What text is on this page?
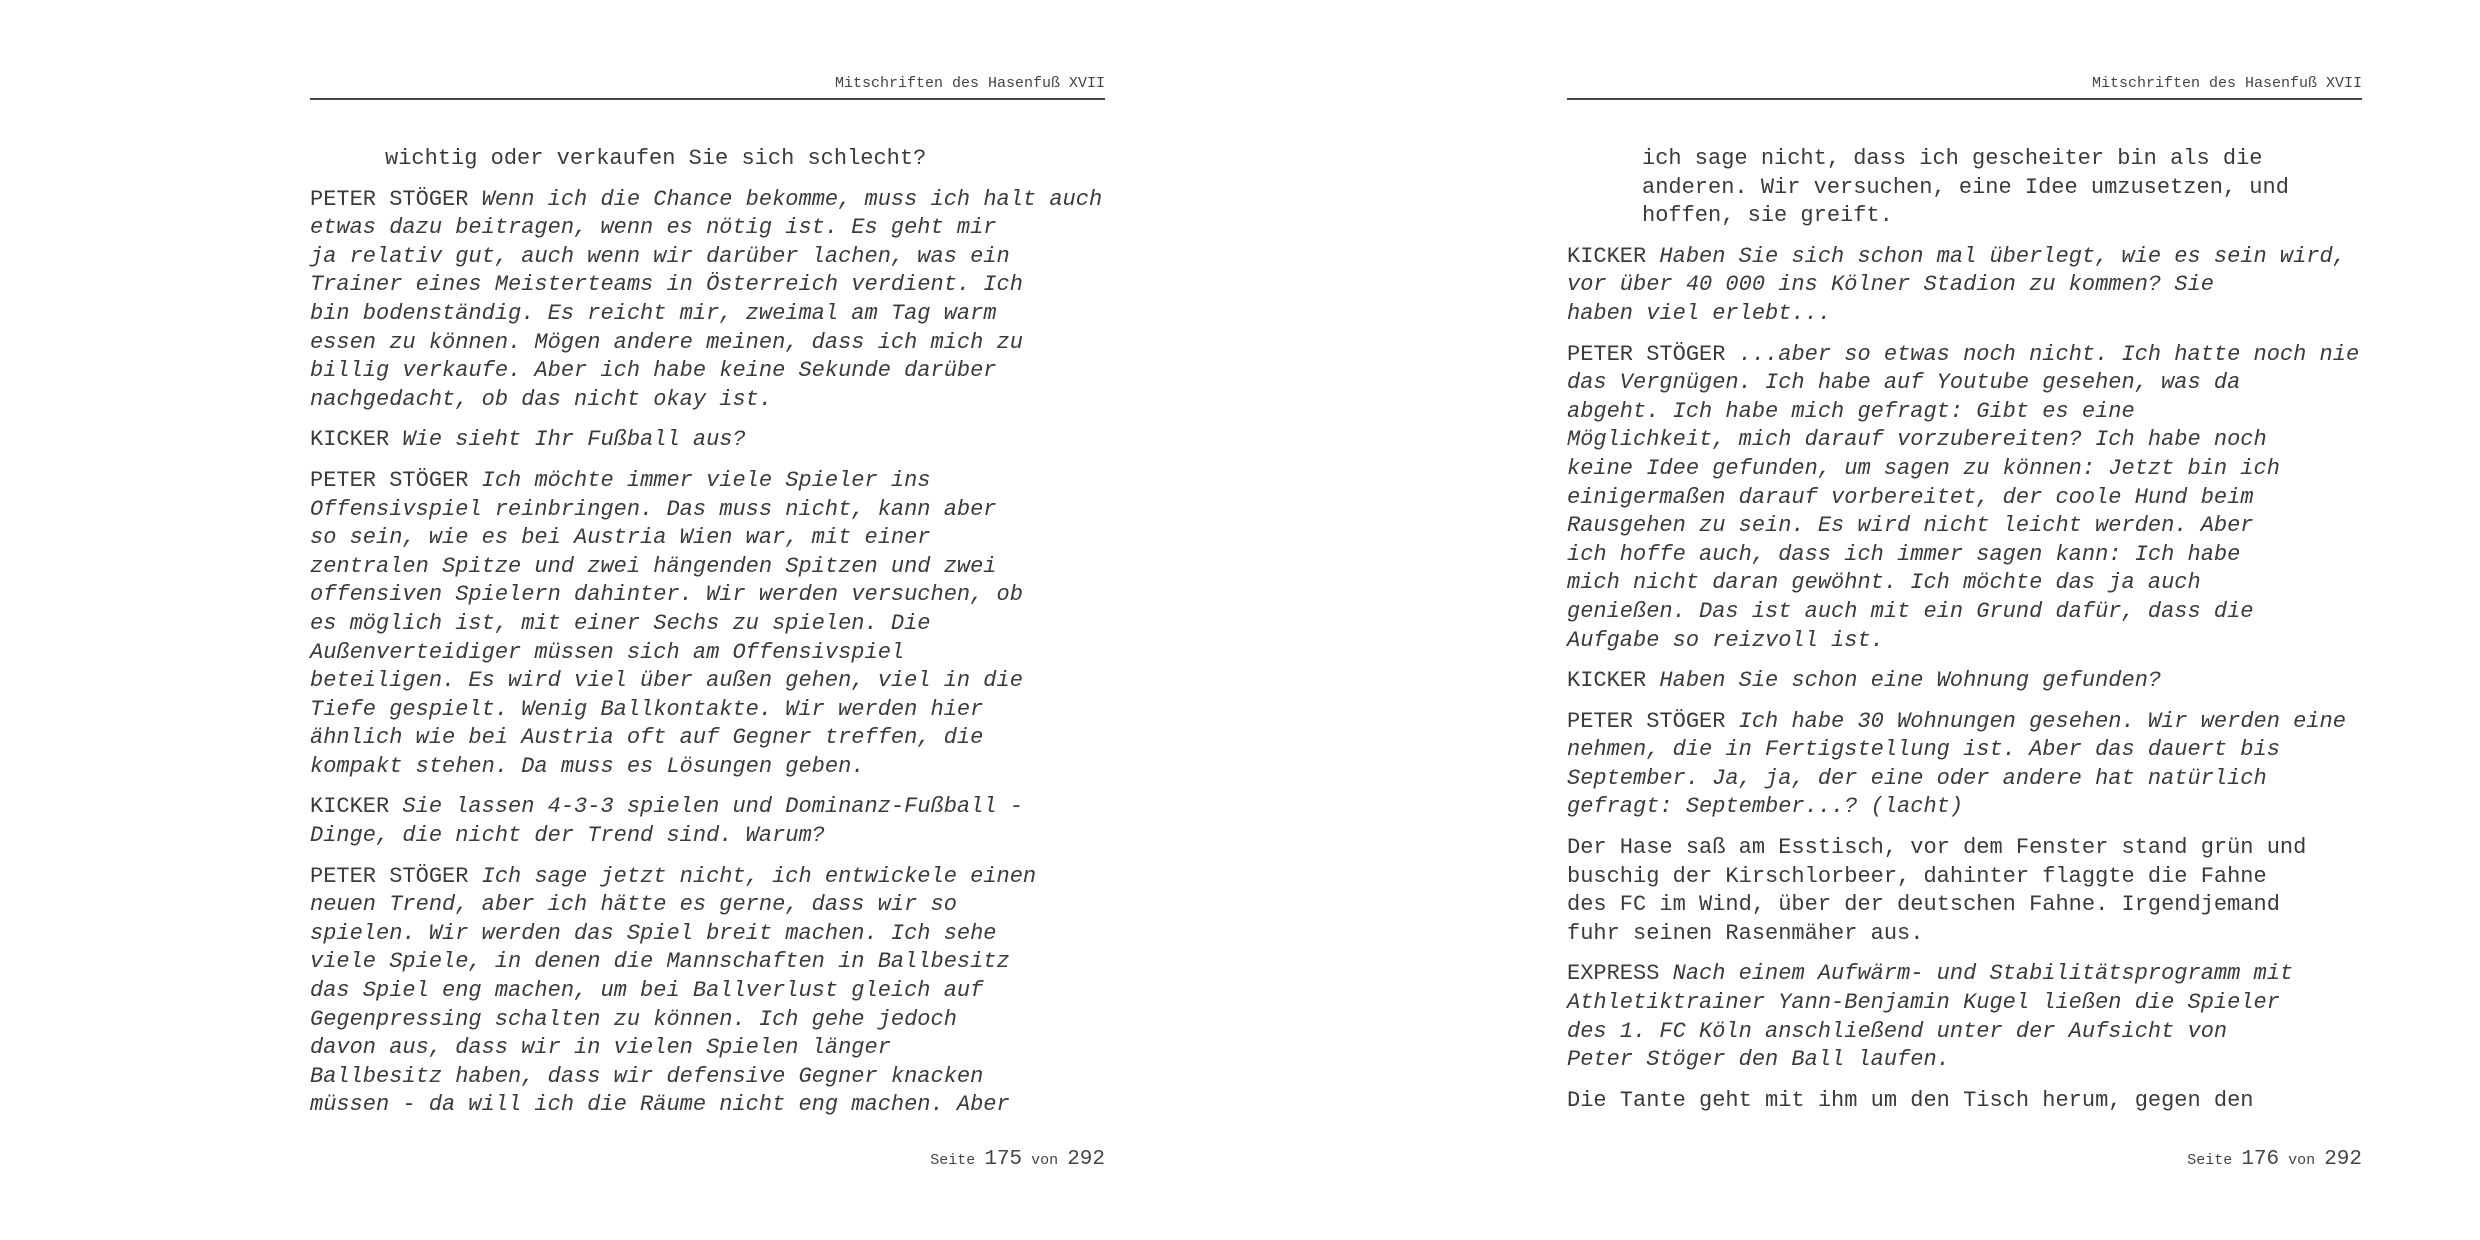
Mitschriften des Hasenfuß XVII
wichtig oder verkaufen Sie sich schlecht?
PETER STÖGER Wenn ich die Chance bekomme, muss ich halt auch
etwas dazu beitragen, wenn es nötig ist. Es geht mir
ja relativ gut, auch wenn wir darüber lachen, was ein
Trainer eines Meisterteams in Österreich verdient. Ich
bin bodenständig. Es reicht mir, zweimal am Tag warm
essen zu können. Mögen andere meinen, dass ich mich zu
billig verkaufe. Aber ich habe keine Sekunde darüber
nachgedacht, ob das nicht okay ist.
KICKER Wie sieht Ihr Fußball aus?
PETER STÖGER Ich möchte immer viele Spieler ins
Offensivspiel reinbringen. Das muss nicht, kann aber
so sein, wie es bei Austria Wien war, mit einer
zentralen Spitze und zwei hängenden Spitzen und zwei
offensiven Spielern dahinter. Wir werden versuchen, ob
es möglich ist, mit einer Sechs zu spielen. Die
Außenverteidiger müssen sich am Offensivspiel
beteiligen. Es wird viel über außen gehen, viel in die
Tiefe gespielt. Wenig Ballkontakte. Wir werden hier
ähnlich wie bei Austria oft auf Gegner treffen, die
kompakt stehen. Da muss es Lösungen geben.
KICKER Sie lassen 4-3-3 spielen und Dominanz-Fußball -
Dinge, die nicht der Trend sind. Warum?
PETER STÖGER Ich sage jetzt nicht, ich entwickele einen
neuen Trend, aber ich hätte es gerne, dass wir so
spielen. Wir werden das Spiel breit machen. Ich sehe
viele Spiele, in denen die Mannschaften in Ballbesitz
das Spiel eng machen, um bei Ballverlust gleich auf
Gegenpressing schalten zu können. Ich gehe jedoch
davon aus, dass wir in vielen Spielen länger
Ballbesitz haben, dass wir defensive Gegner knacken
müssen - da will ich die Räume nicht eng machen. Aber
Seite 175 von 292
Mitschriften des Hasenfuß XVII
ich sage nicht, dass ich gescheiter bin als die
anderen. Wir versuchen, eine Idee umzusetzen, und
hoffen, sie greift.
KICKER Haben Sie sich schon mal überlegt, wie es sein wird,
vor über 40 000 ins Kölner Stadion zu kommen? Sie
haben viel erlebt...
PETER STÖGER ...aber so etwas noch nicht. Ich hatte noch nie
das Vergnügen. Ich habe auf Youtube gesehen, was da
abgeht. Ich habe mich gefragt: Gibt es eine
Möglichkeit, mich darauf vorzubereiten? Ich habe noch
keine Idee gefunden, um sagen zu können: Jetzt bin ich
einigermaßen darauf vorbereitet, der coole Hund beim
Rausgehen zu sein. Es wird nicht leicht werden. Aber
ich hoffe auch, dass ich immer sagen kann: Ich habe
mich nicht daran gewöhnt. Ich möchte das ja auch
genießen. Das ist auch mit ein Grund dafür, dass die
Aufgabe so reizvoll ist.
KICKER Haben Sie schon eine Wohnung gefunden?
PETER STÖGER Ich habe 30 Wohnungen gesehen. Wir werden eine
nehmen, die in Fertigstellung ist. Aber das dauert bis
September. Ja, ja, der eine oder andere hat natürlich
gefragt: September...? (lacht)
Der Hase saß am Esstisch, vor dem Fenster stand grün und
buschig der Kirschlorbeer, dahinter flaggte die Fahne
des FC im Wind, über der deutschen Fahne. Irgendjemand
fuhr seinen Rasenmäher aus.
EXPRESS Nach einem Aufwärm- und Stabilitätsprogramm mit
Athletiktrainer Yann-Benjamin Kugel ließen die Spieler
des 1. FC Köln anschließend unter der Aufsicht von
Peter Stöger den Ball laufen.
Die Tante geht mit ihm um den Tisch herum, gegen den
Seite 176 von 292
